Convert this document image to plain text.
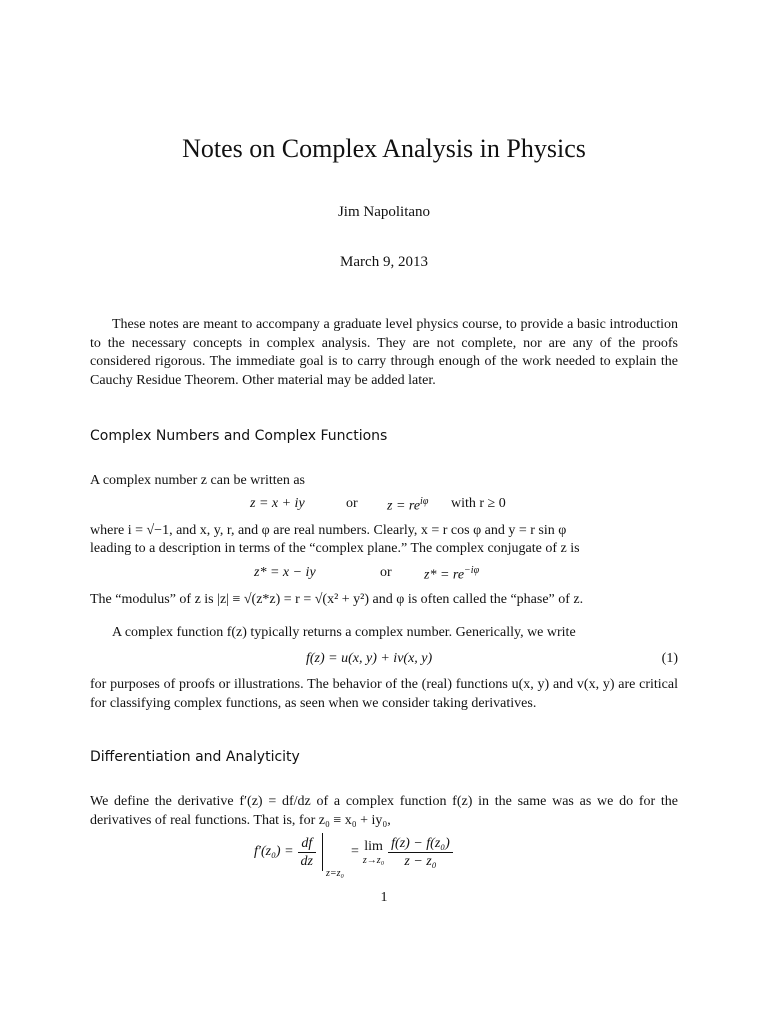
Notes on Complex Analysis in Physics
Jim Napolitano
March 9, 2013
These notes are meant to accompany a graduate level physics course, to provide a basic introduction to the necessary concepts in complex analysis. They are not complete, nor are any of the proofs considered rigorous. The immediate goal is to carry through enough of the work needed to explain the Cauchy Residue Theorem. Other material may be added later.
Complex Numbers and Complex Functions
A complex number z can be written as
z = x + iy	or $z = re^{i\varphi}$ with r ≥ 0
where i = √−1, and x, y, r, and φ are real numbers. Clearly, x = r cos φ and y = r sin φ
leading to a description in terms of the “complex plane.” The complex conjugate of z is
z* = x − iy	or $z* = re^{-i\varphi}$
The “modulus” of z is |z| ≡ √(z*z) = r = √(x² + y²) and φ is often called the “phase” of z.
A complex function f(z) typically returns a complex number. Generically, we write
f(z) = u(x, y) + iv(x, y)	(1)
for purposes of proofs or illustrations. The behavior of the (real) functions u(x, y) and v(x, y) are critical for classifying complex functions, as seen when we consider taking derivatives.
Differentiation and Analyticity
We define the derivative f′(z) = df/dz of a complex function f(z) in the same was as we do for the derivatives of real functions. That is, for z₀ ≡ x₀ + iy₀,
$f'(z_0) = \frac{df}{dz}$
z=z₀
= lim
$z\to z_0 \frac{\text{f(z) − f(z₀)}}{\text{z − z₀}}$
1
